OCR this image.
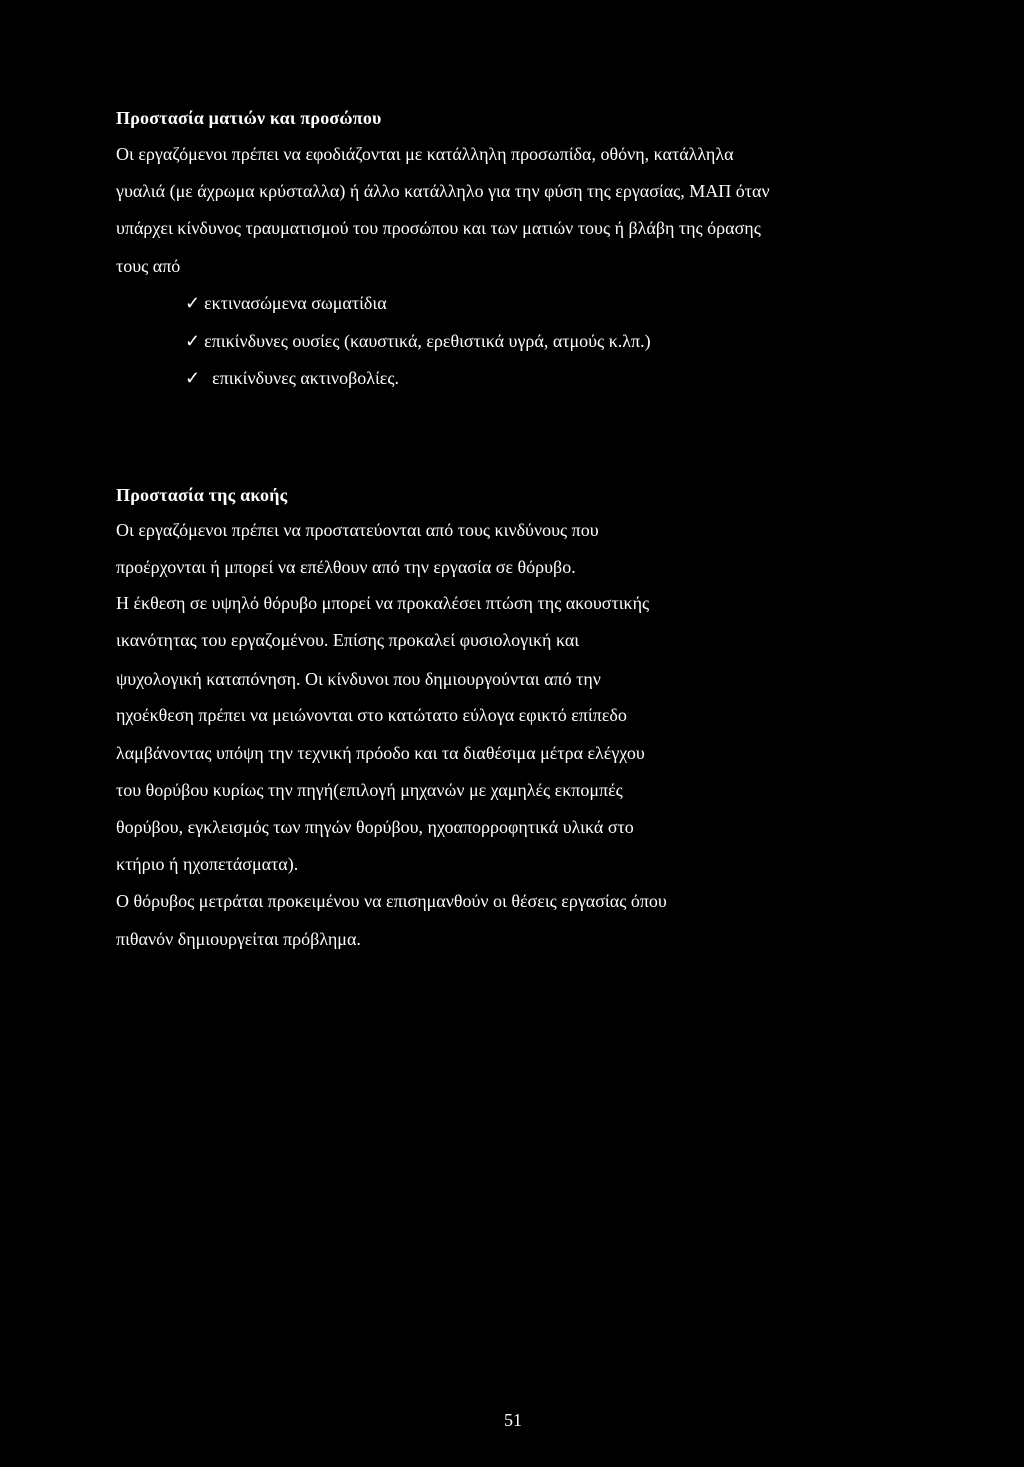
Προστασία ματιών και προσώπου
Οι εργαζόμενοι πρέπει να εφοδιάζονται με κατάλληλη προσωπίδα, οθόνη, κατάλληλα
γυαλιά (με άχρωμα κρύσταλλα) ή άλλο κατάλληλο για την φύση της εργασίας, ΜΑΠ όταν
υπάρχει κίνδυνος τραυματισμού του προσώπου και των ματιών τους ή βλάβη της όρασης
τους από
✓ εκτινασώμενα σωματίδια
✓ επικίνδυνες ουσίες (καυστικά, ερεθιστικά υγρά, ατμούς κ.λπ.)
✓ επικίνδυνες ακτινοβολίες.
Προστασία της ακοής
Οι εργαζόμενοι πρέπει να προστατεύονται από τους κινδύνους που
προέρχονται ή μπορεί να επέλθουν από την εργασία σε θόρυβο.
Η έκθεση σε υψηλό θόρυβο μπορεί να προκαλέσει πτώση της ακουστικής
ικανότητας του εργαζομένου. Επίσης προκαλεί φυσιολογική και
ψυχολογική καταπόνηση. Οι κίνδυνοι που δημιουργούνται από την
ηχοέκθεση πρέπει να μειώνονται στο κατώτατο εύλογα εφικτό επίπεδο
λαμβάνοντας υπόψη την τεχνική πρόοδο και τα διαθέσιμα μέτρα ελέγχου
του θορύβου κυρίως την πηγή(επιλογή μηχανών με χαμηλές εκπομπές
θορύβου, εγκλεισμός των πηγών θορύβου, ηχοαπορροφητικά υλικά στο
κτήριο ή ηχοπετάσματα).
Ο θόρυβος μετράται προκειμένου να επισημανθούν οι θέσεις εργασίας όπου
πιθανόν δημιουργείται πρόβλημα.
51
